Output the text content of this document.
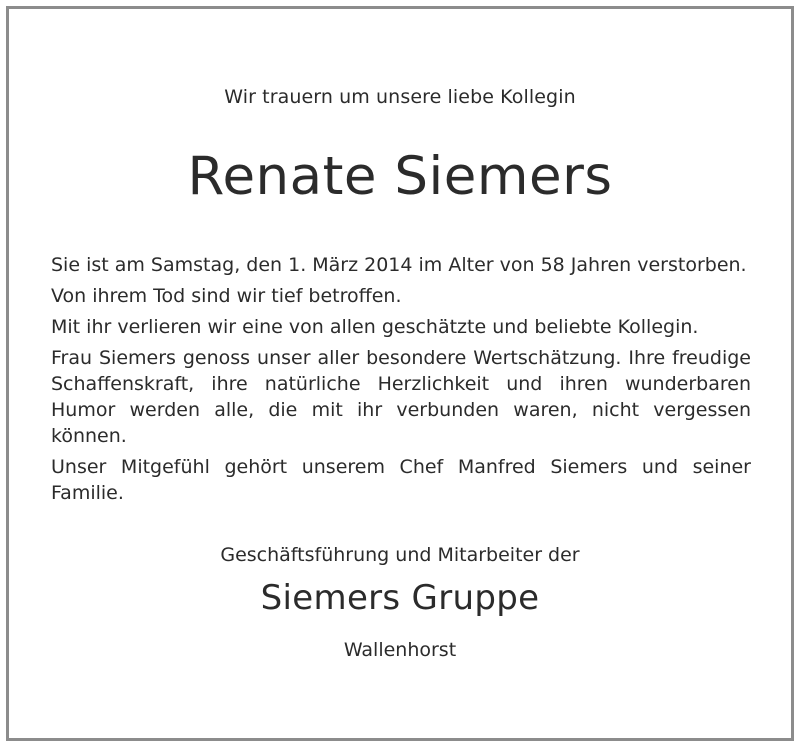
Wir trauern um unsere liebe Kollegin
Renate Siemers

Sie ist am Samstag, den 1. März 2014 im Alter von 58 Jahren verstorben.

Von ihrem Tod sind wir tief betroffen.

Mit ihr verlieren wir eine von allen geschätzte und beliebte Kollegin.

Frau Siemers genoss unser aller besondere Wertschätzung. Ihre freudige Schaffenskraft, ihre natürliche Herzlichkeit und ihren wunderbaren Humor werden alle, die mit ihr verbunden waren, nicht vergessen können.

Unser Mitgefühl gehört unserem Chef Manfred Siemers und seiner Familie.

Geschäftsführung und Mitarbeiter der
Siemers Gruppe
Wallenhorst
